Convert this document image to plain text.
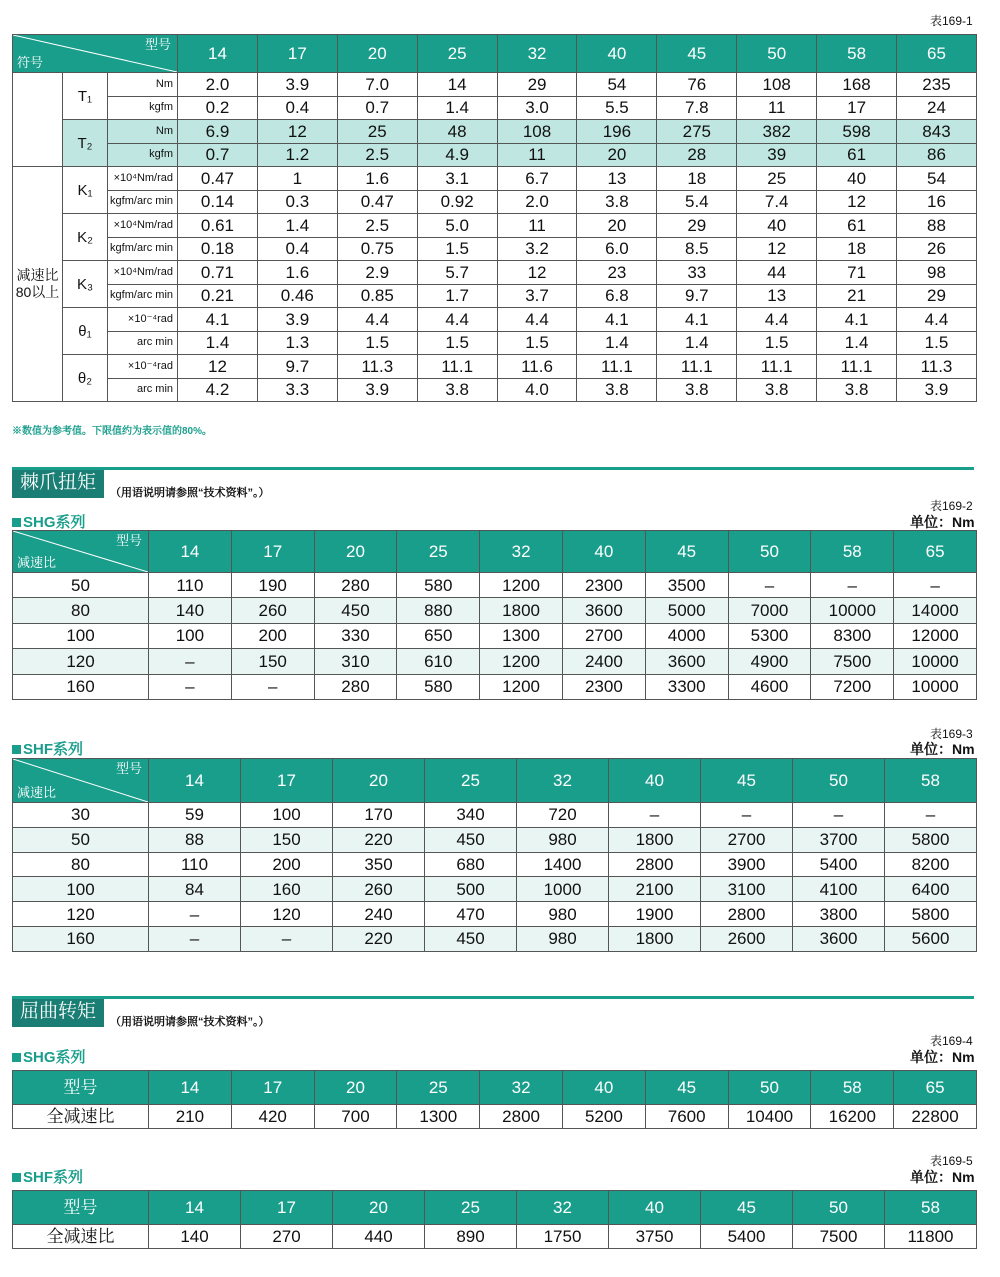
表169-1
型号
符号			14	17	20	25	32	40	45	50	58	65
	T₁	Nm	2.0	3.9	7.0	14	29	54	76	108	168	235
		kgfm	0.2	0.4	0.7	1.4	3.0	5.5	7.8	11	17	24
	T₂	Nm	6.9	12	25	48	108	196	275	382	598	843
		kgfm	0.7	1.2	2.5	4.9	11	20	28	39	61	86
减速比80以上	K₁	×10⁴Nm/rad	0.47	1	1.6	3.1	6.7	13	18	25	40	54
		kgfm/arc min	0.14	0.3	0.47	0.92	2.0	3.8	5.4	7.4	12	16
	K₂	×10⁴Nm/rad	0.61	1.4	2.5	5.0	11	20	29	40	61	88
		kgfm/arc min	0.18	0.4	0.75	1.5	3.2	6.0	8.5	12	18	26
	K₃	×10⁴Nm/rad	0.71	1.6	2.9	5.7	12	23	33	44	71	98
		kgfm/arc min	0.21	0.46	0.85	1.7	3.7	6.8	9.7	13	21	29
	θ₁	×10⁻⁴rad	4.1	3.9	4.4	4.4	4.4	4.1	4.1	4.4	4.1	4.4
		arc min	1.4	1.3	1.5	1.5	1.5	1.4	1.4	1.5	1.4	1.5
	θ₂	×10⁻⁴rad	12	9.7	11.3	11.1	11.6	11.1	11.1	11.1	11.1	11.3
		arc min	4.2	3.3	3.9	3.8	4.0	3.8	3.8	3.8	3.8	3.9
※数值为参考值。下限值约为表示值的80%。
棘爪扭矩	（用语说明请参照“技术资料”。）
表169-2
SHG系列	单位：Nm
型号
减速比	14	17	20	25	32	40	45	50	58	65
50	110	190	280	580	1200	2300	3500	–	–	–
80	140	260	450	880	1800	3600	5000	7000	10000	14000
100	100	200	330	650	1300	2700	4000	5300	8300	12000
120	–	150	310	610	1200	2400	3600	4900	7500	10000
160	–	–	280	580	1200	2300	3300	4600	7200	10000
表169-3
SHF系列	单位：Nm
型号
减速比	14	17	20	25	32	40	45	50	58
30	59	100	170	340	720	–	–	–	–
50	88	150	220	450	980	1800	2700	3700	5800
80	110	200	350	680	1400	2800	3900	5400	8200
100	84	160	260	500	1000	2100	3100	4100	6400
120	–	120	240	470	980	1900	2800	3800	5800
160	–	–	220	450	980	1800	2600	3600	5600
屈曲转矩	（用语说明请参照“技术资料”。）
表169-4
SHG系列	单位：Nm
型号	14	17	20	25	32	40	45	50	58	65
全减速比	210	420	700	1300	2800	5200	7600	10400	16200	22800
表169-5
SHF系列	单位：Nm
型号	14	17	20	25	32	40	45	50	58
全减速比	140	270	440	890	1750	3750	5400	7500	11800
